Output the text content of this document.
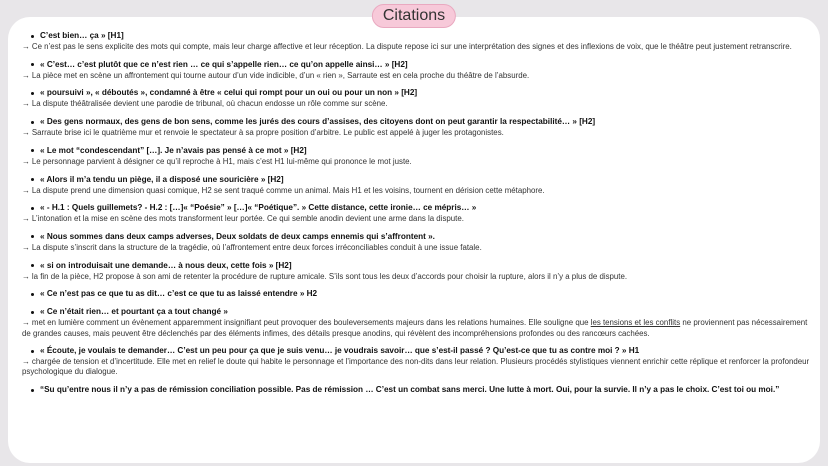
Citations
C’est bien… ça » [H1]
→ Ce n’est pas le sens explicite des mots qui compte, mais leur charge affective et leur réception. La dispute repose ici sur une interprétation des signes et des inflexions de voix, que le théâtre peut justement retranscrire.
« C’est… c’est plutôt que ce n’est rien … ce qui s’appelle rien… ce qu’on appelle ainsi… » [H2]
→ La pièce met en scène un affrontement qui tourne autour d’un vide indicible, d’un « rien », Sarraute est en cela proche du théâtre de l’absurde.
« poursuivi », « déboutés », condamné à être « celui qui rompt pour un oui ou pour un non » [H2]
→ La dispute théâtralisée devient une parodie de tribunal, où chacun endosse un rôle comme sur scène.
« Des gens normaux, des gens de bon sens, comme les jurés des cours d’assises, des citoyens dont on peut garantir la respectabilité… » [H2]
→ Sarraute brise ici le quatrième mur et renvoie le spectateur à sa propre position d’arbitre. Le public est appelé à juger les protagonistes.
« Le mot “condescendant” […]. Je n’avais pas pensé à ce mot » [H2]
→ Le personnage parvient à désigner ce qu’il reproche à H1, mais c’est H1 lui-même qui prononce le mot juste.
« Alors il m’a tendu un piège, il a disposé une souricière » [H2]
→ La dispute prend une dimension quasi comique, H2 se sent traqué comme un animal. Mais H1 et les voisins, tournent en dérision cette métaphore.
« - H.1 : Quels guillemets? - H.2 : […]« “Poésie” » […]« “Poétique”. » Cette distance, cette ironie… ce mépris… »
→ L’intonation et la mise en scène des mots transforment leur portée. Ce qui semble anodin devient une arme dans la dispute.
« Nous sommes dans deux camps adverses, Deux soldats de deux camps ennemis qui s’affrontent ».
→ La dispute s’inscrit dans la structure de la tragédie, où l’affrontement entre deux forces irréconciliables conduit à une issue fatale.
« si on introduisait une demande… à nous deux, cette fois » [H2]
→ la fin de la pièce, H2 propose à son ami de retenter la procédure de rupture amicale. S’ils sont tous les deux d’accords pour choisir la rupture, alors il n’y a plus de dispute.
« Ce n’est pas ce que tu as dit… c’est ce que tu as laissé entendre » H2
« Ce n’était rien… et pourtant ça a tout changé »
→ met en lumière comment un évènement apparemment insignifiant peut provoquer des bouleversements majeurs dans les relations humaines. Elle souligne que les tensions et les conflits ne proviennent pas nécessairement de grandes causes, mais peuvent être déclenchés par des éléments infimes, des détails presque anodins, qui révèlent des incompréhensions profondes ou des rancœurs cachées.
« Écoute, je voulais te demander… C’est un peu pour ça que je suis venu… je voudrais savoir… que s’est-il passé ? Qu’est-ce que tu as contre moi ? » H1
→ chargée de tension et d’incertitude. Elle met en relief le doute qui habite le personnage et l’importance des non-dits dans leur relation. Plusieurs procédés stylistiques viennent enrichir cette réplique et renforcer la profondeur psychologique du dialogue.
“Su qu’entre nous il n’y a pas de rémission conciliation possible. Pas de rémission … C’est un combat sans merci. Une lutte à mort. Oui, pour la survie. Il n’y a pas le choix. C’est toi ou moi.”
